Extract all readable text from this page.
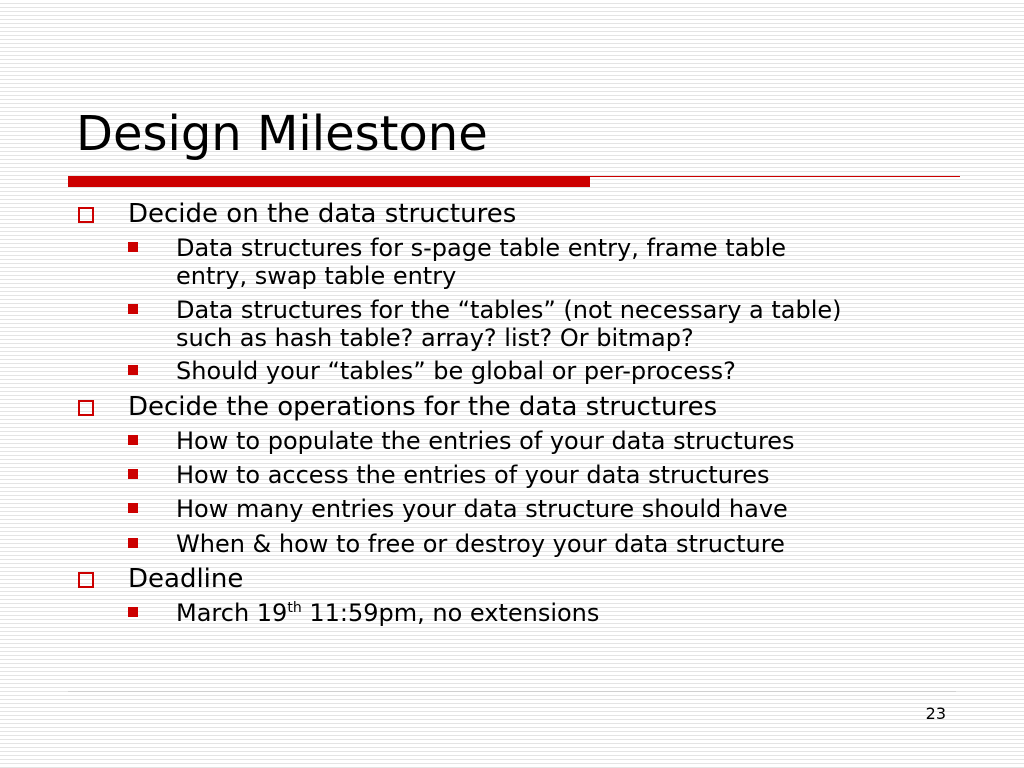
Design Milestone
Decide on the data structures
Data structures for s-page table entry, frame table
entry, swap table entry
Data structures for the “tables” (not necessary a table)
such as hash table? array? list? Or bitmap?
Should your “tables” be global or per-process?
Decide the operations for the data structures
How to populate the entries of your data structures
How to access the entries of your data structures
How many entries your data structure should have
When & how to free or destroy your data structure
Deadline
March 19th 11:59pm, no extensions
23
